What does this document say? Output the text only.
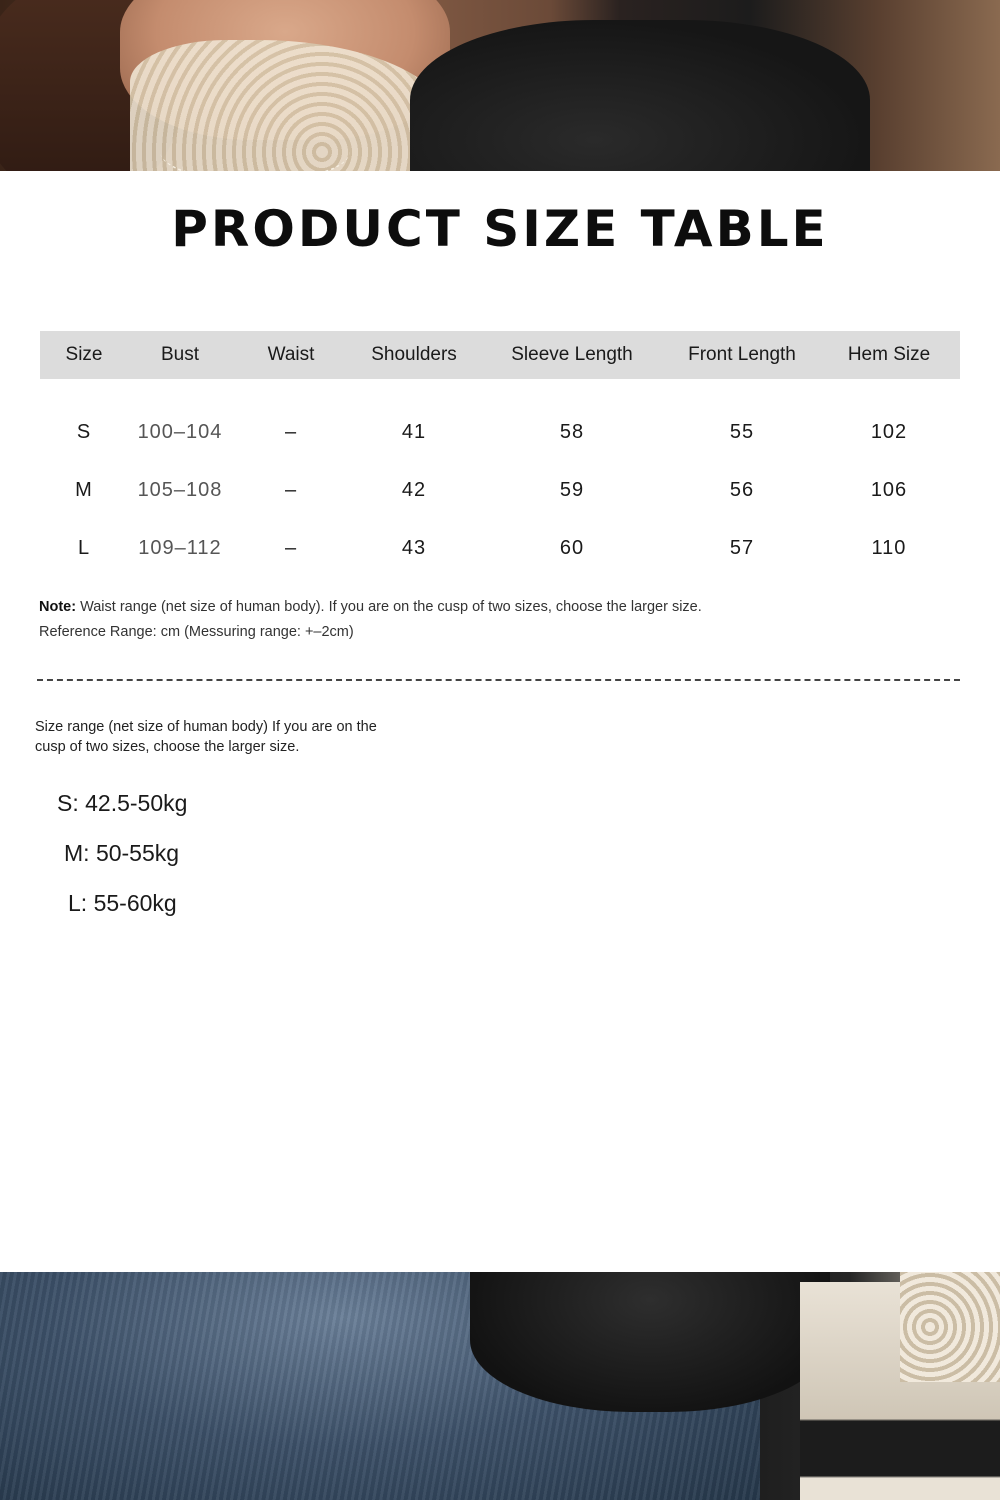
PRODUCT SIZE TABLE
Size	Bust	Waist	Shoulders	Sleeve Length	Front Length	Hem Size
S	100–104	–	41	58	55	102
M	105–108	–	42	59	56	106
L	109–112	–	43	60	57	110
Note: Waist range (net size of human body). If you are on the cusp of two sizes, choose the larger size.
Reference Range: cm (Messuring range: +–2cm)
Size range (net size of human body) If you are on the cusp of two sizes, choose the larger size.
S: 42.5-50kg
M: 50-55kg
L: 55-60kg
